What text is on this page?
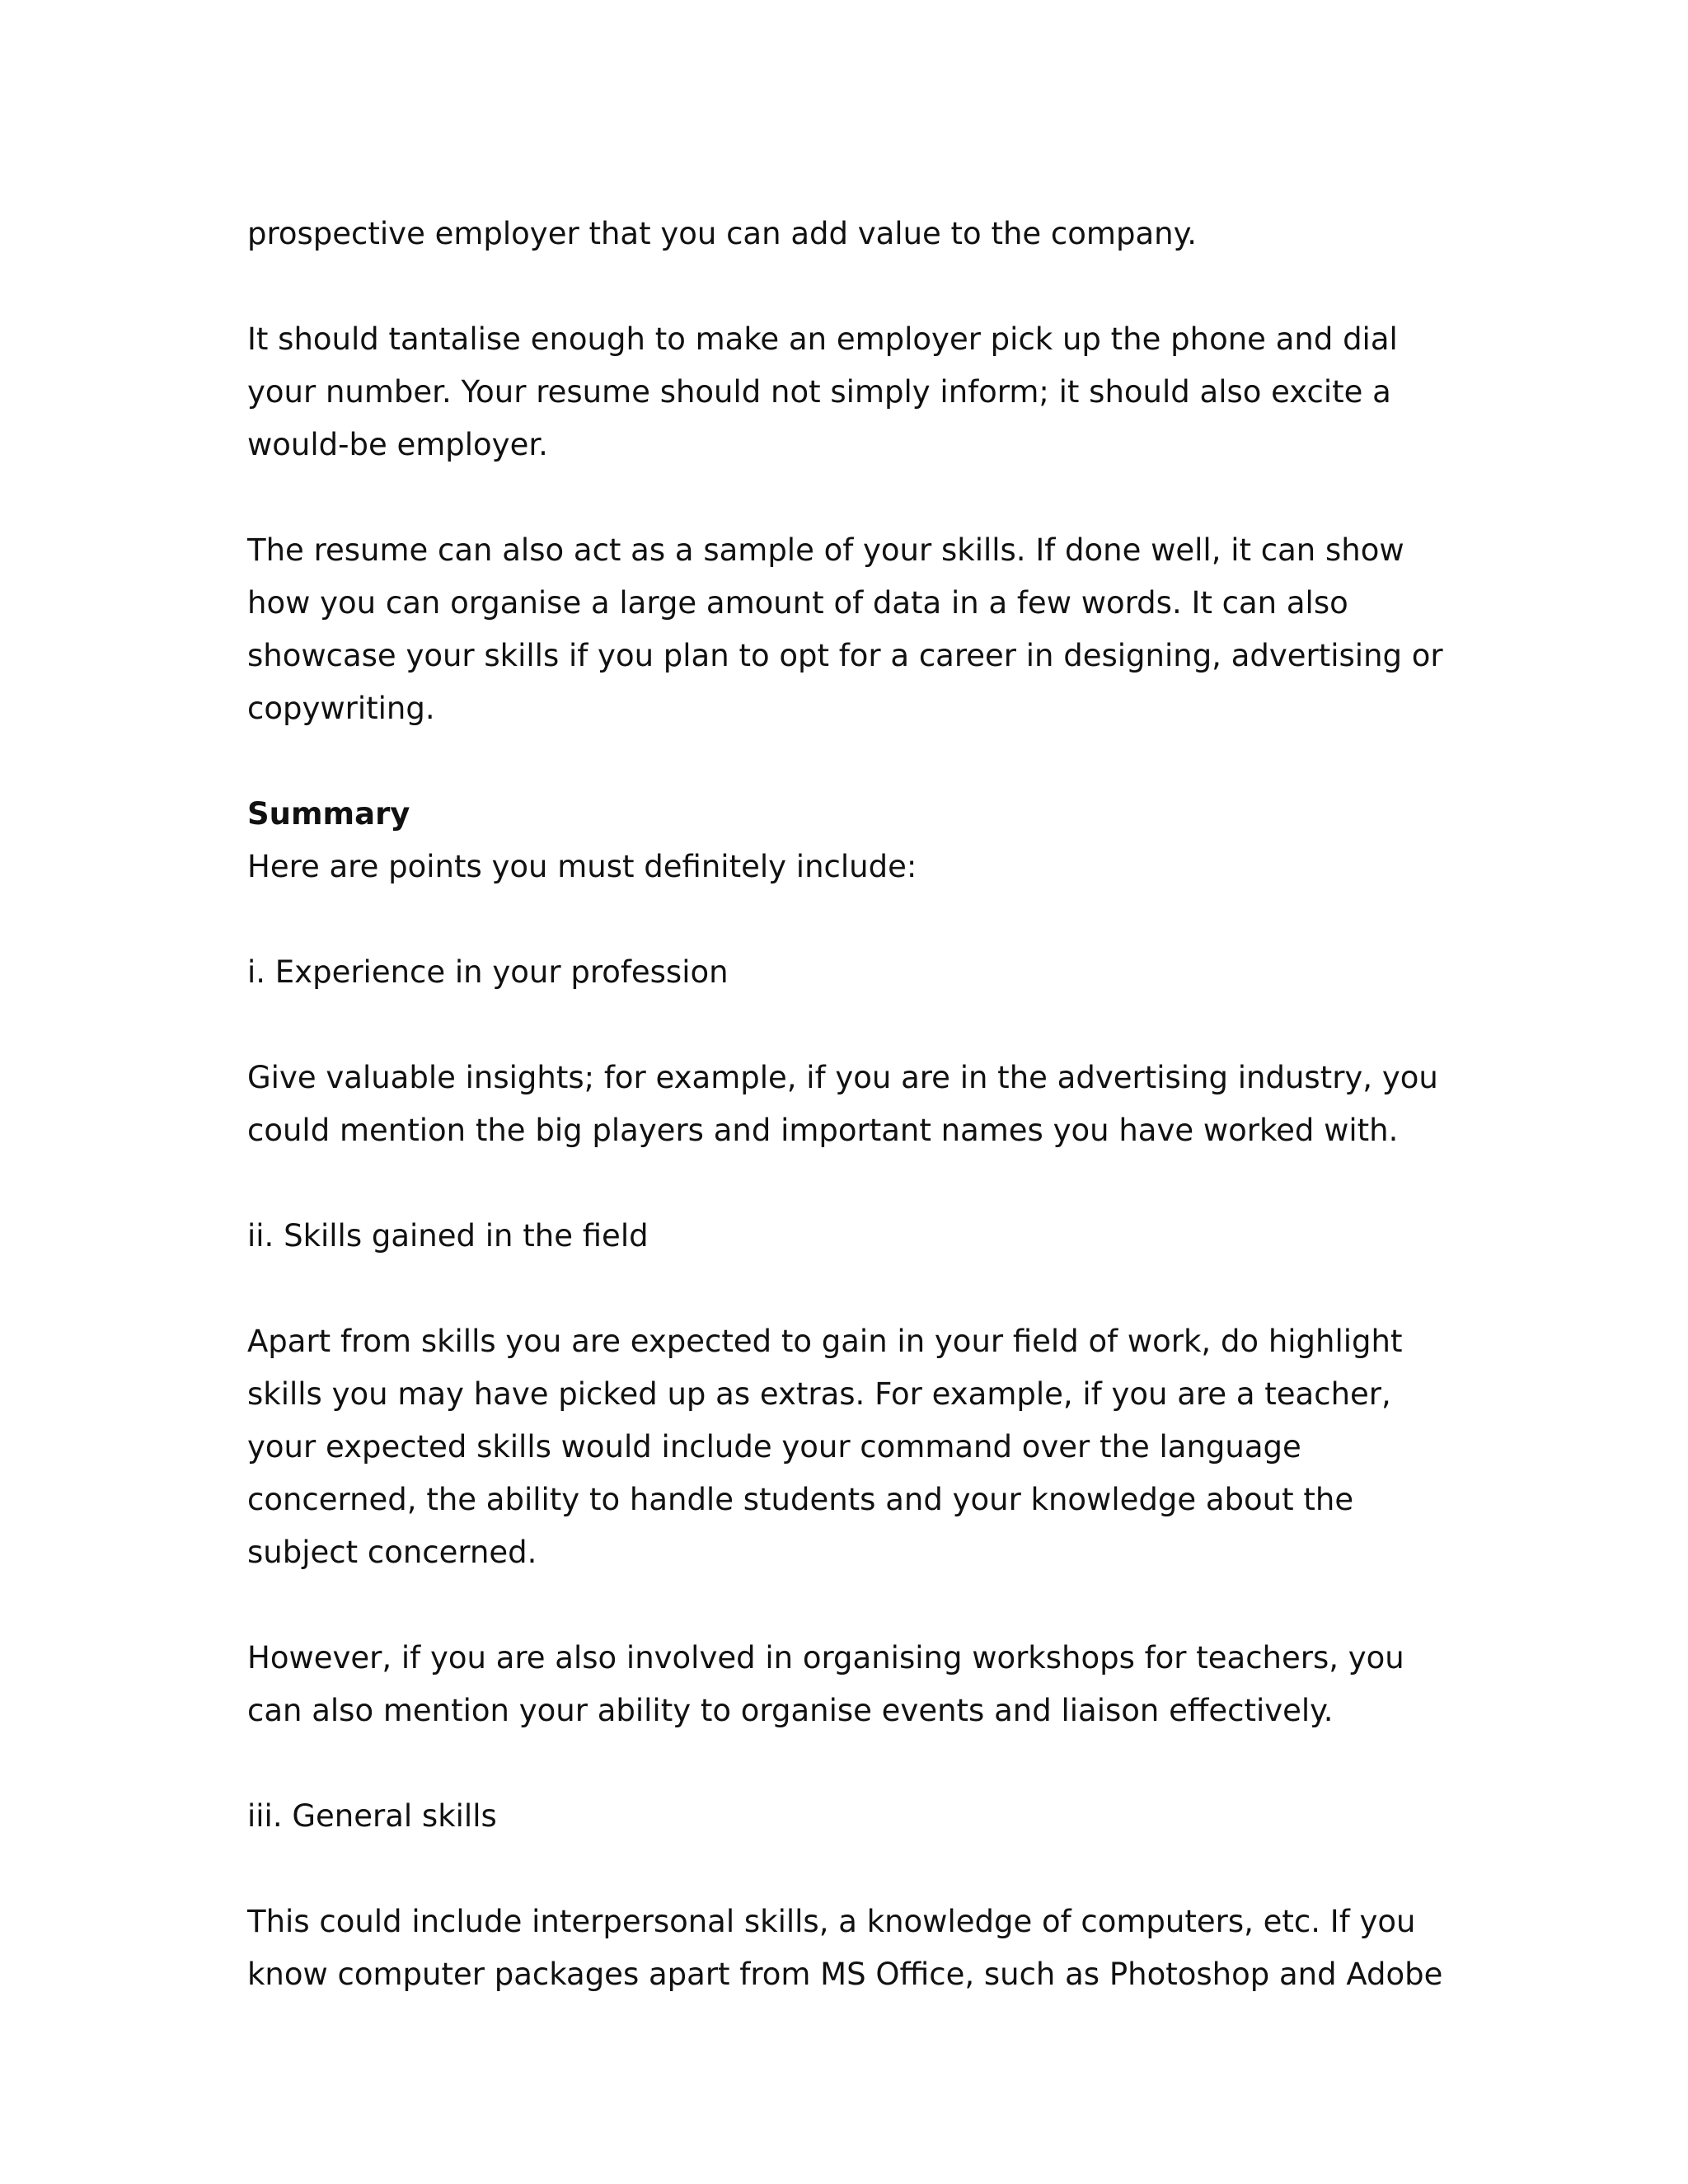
prospective employer that you can add value to the company.

It should tantalise enough to make an employer pick up the phone and dial your number. Your resume should not simply inform; it should also excite a would-be employer.

The resume can also act as a sample of your skills. If done well, it can show how you can organise a large amount of data in a few words. It can also showcase your skills if you plan to opt for a career in designing, advertising or copywriting.

Summary

Here are points you must definitely include:

i. Experience in your profession

Give valuable insights; for example, if you are in the advertising industry, you could mention the big players and important names you have worked with.

ii. Skills gained in the field

Apart from skills you are expected to gain in your field of work, do highlight skills you may have picked up as extras. For example, if you are a teacher, your expected skills would include your command over the language concerned, the ability to handle students and your knowledge about the subject concerned.

However, if you are also involved in organising workshops for teachers, you can also mention your ability to organise events and liaison effectively.

iii. General skills

This could include interpersonal skills, a knowledge of computers, etc. If you know computer packages apart from MS Office, such as Photoshop and Adobe
